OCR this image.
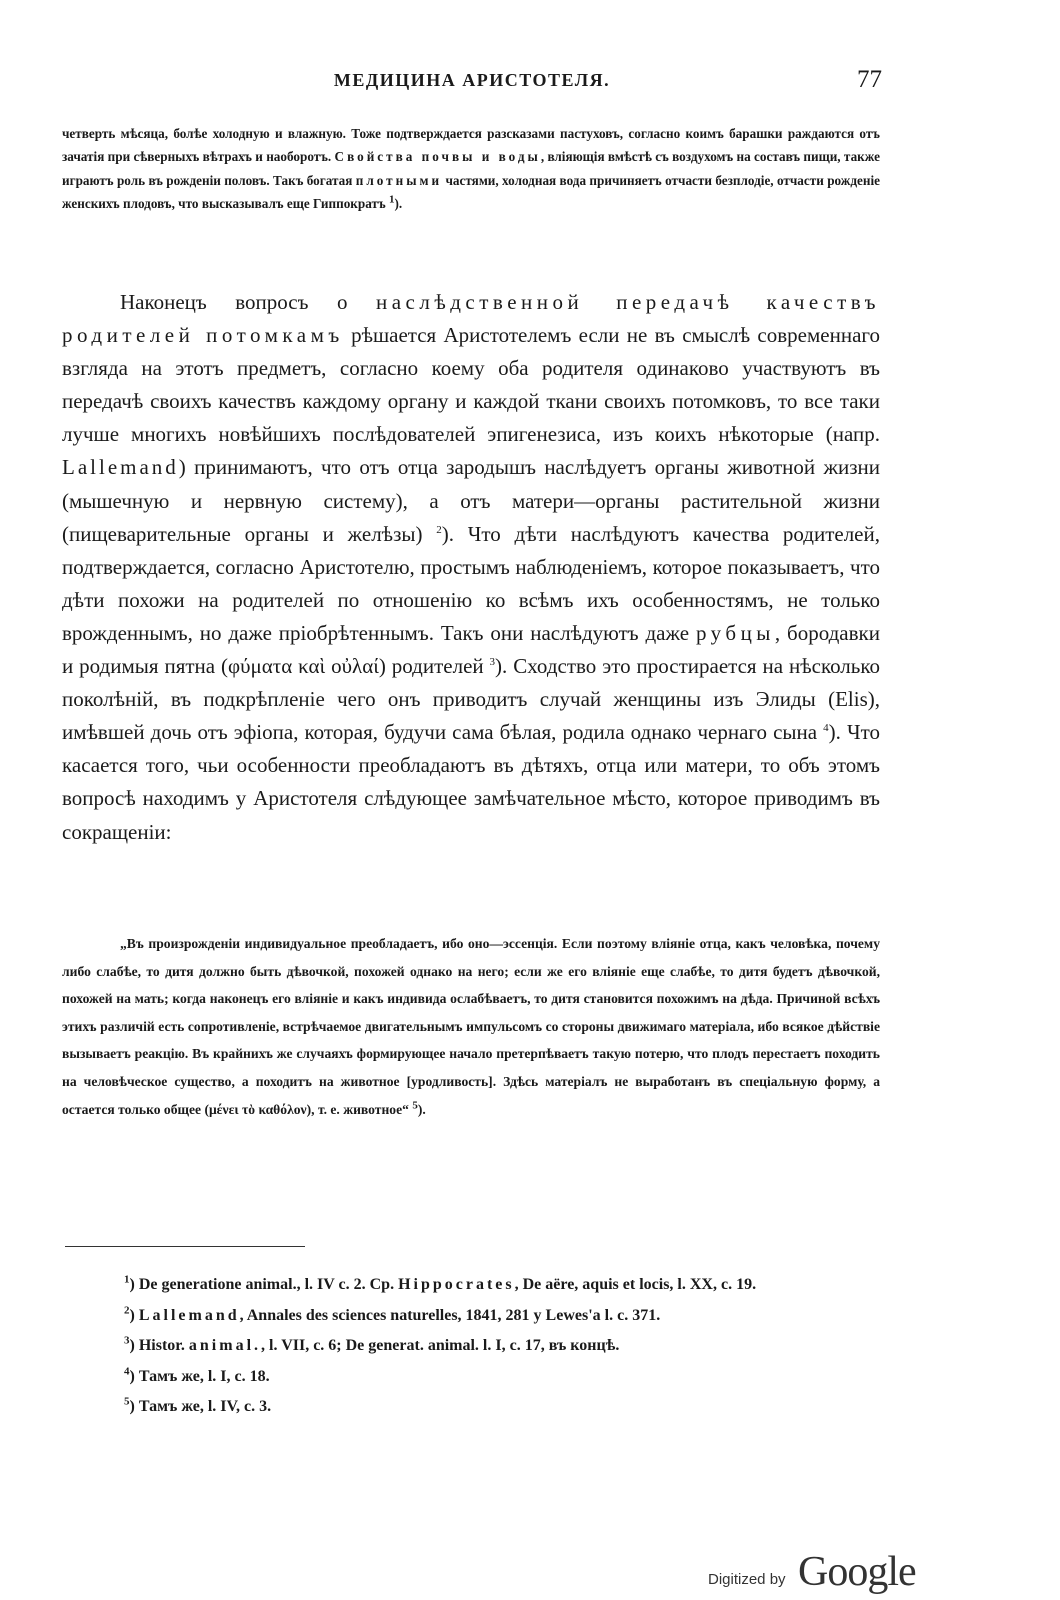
МЕДИЦИНА АРИСТОТЕЛЯ.	77

четверть мѣсяца, болѣе холодную и влажную. Тоже подтверждается разсказами пастуховъ, согласно коимъ барашки раждаются отъ зачатія при сѣверныхъ вѣтрахъ и наоборотъ. Свойства почвы и воды, вліяющія вмѣстѣ съ воздухомъ на составъ пищи, также играютъ роль въ рожденіи половъ. Такъ богатая плотными частями, холодная вода причиняетъ отчасти безплодіе, отчасти рожденіе женскихъ плодовъ, что высказывалъ еще Гиппократъ $^1$).

Наконецъ вопросъ о наслѣдственной передачѣ качествъ родителей потомкамъ рѣшается Аристотелемъ если не въ смыслѣ современнаго взгляда на этотъ предметъ, согласно коему оба родителя одинаково участвуютъ въ передачѣ своихъ качествъ каждому органу и каждой ткани своихъ потомковъ, то все таки лучше многихъ новѣйшихъ послѣдователей эпигенезиса, изъ коихъ нѣкоторые (напр. Lallemand) принимаютъ, что отъ отца зародышъ наслѣдуетъ органы животной жизни (мышечную и нервную систему), а отъ матери—органы растительной жизни (пищеварительные органы и желѣзы) $^2$). Что дѣти наслѣдуютъ качества родителей, подтверждается, согласно Аристотелю, простымъ наблюденіемъ, которое показываетъ, что дѣти похожи на родителей по отношенію ко всѣмъ ихъ особенностямъ, не только врожденнымъ, но даже пріобрѣтеннымъ. Такъ они наслѣдуютъ даже рубцы, бородавки и родимыя пятна (φύματα καὶ οὐλαί) родителей $^3$). Сходство это простирается на нѣсколько поколѣній, въ подкрѣпленіе чего онъ приводитъ случай женщины изъ Элиды (Elis), имѣвшей дочь отъ эфіопа, которая, будучи сама бѣлая, родила однако чернаго сына $^4$). Что касается того, чьи особенности преобладаютъ въ дѣтяхъ, отца или матери, то объ этомъ вопросѣ находимъ у Аристотеля слѣдующее замѣчательное мѣсто, которое приводимъ въ сокращеніи:

„Въ произрожденіи индивидуальное преобладаетъ, ибо оно—эссенція. Если поэтому вліяніе отца, какъ человѣка, почему либо слабѣе, то дитя должно быть дѣвочкой, похожей однако на него; если же его вліяніе еще слабѣе, то дитя будетъ дѣвочкой, похожей на мать; когда наконецъ его вліяніе и какъ индивида ослабѣваетъ, то дитя становится похожимъ на дѣда. Причиной всѣхъ этихъ различій есть сопротивленіе, встрѣчаемое двигательнымъ импульсомъ со стороны движимаго матеріала, ибо всякое дѣйствіе вызываетъ реакцію. Въ крайнихъ же случаяхъ формирующее начало претерпѣваетъ такую потерю, что плодъ перестаетъ походить на человѣческое существо, а походитъ на животное [уродливость]. Здѣсь матеріалъ не выработанъ въ спеціальную форму, а остается только общее (μένει τὸ καθόλον), т. е. животное“ $^5$).

$^1$) De generatione animal., l. IV c. 2. Cp. Hippocrates, De aëre, aquis et locis, l. XX, c. 19.

$^2$) Lallemand, Annales des sciences naturelles, 1841, 281 y Lewes'a l. c. 371.

$^3$) Histor. animal., l. VII, c. 6; De generat. animal. l. I, c. 17, въ концѣ.

$^4$) Тамъ же, l. I, c. 18.

$^5$) Тамъ же, l. IV, c. 3.

Digitized by Google
